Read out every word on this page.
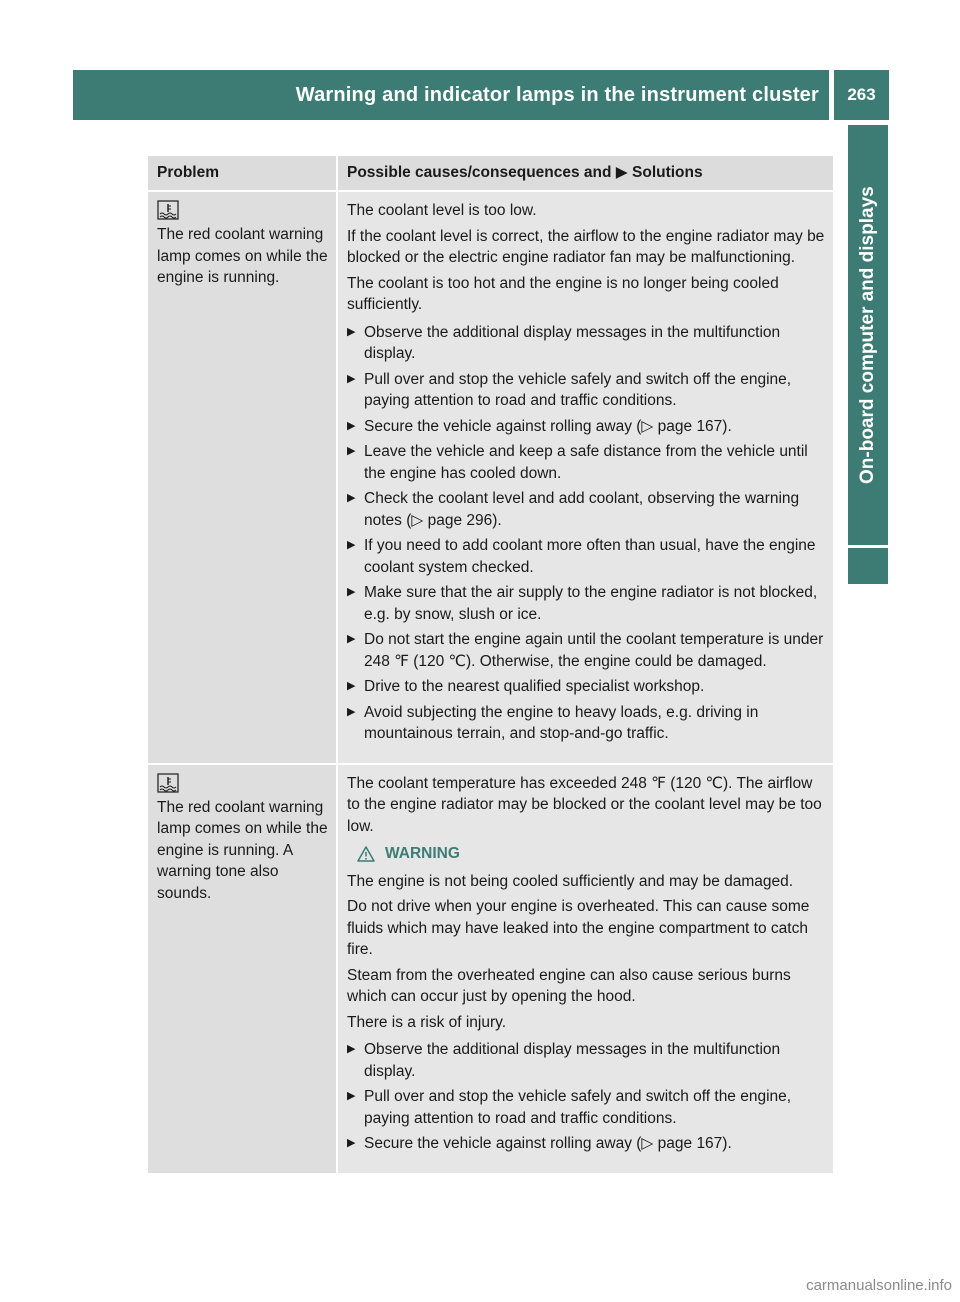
Warning and indicator lamps in the instrument cluster 263
On-board computer and displays
Problem	Possible causes/consequences and ▶ Solutions
The red coolant warning lamp comes on while the engine is running.

The coolant level is too low.

If the coolant level is correct, the airflow to the engine radiator may be blocked or the electric engine radiator fan may be malfunctioning.

The coolant is too hot and the engine is no longer being cooled sufficiently.

▶ Observe the additional display messages in the multifunction display.
▶ Pull over and stop the vehicle safely and switch off the engine, paying attention to road and traffic conditions.
▶ Secure the vehicle against rolling away (▷ page 167).
▶ Leave the vehicle and keep a safe distance from the vehicle until the engine has cooled down.
▶ Check the coolant level and add coolant, observing the warning notes (▷ page 296).
▶ If you need to add coolant more often than usual, have the engine coolant system checked.
▶ Make sure that the air supply to the engine radiator is not blocked, e.g. by snow, slush or ice.
▶ Do not start the engine again until the coolant temperature is under 248 ℉ (120 ℃). Otherwise, the engine could be damaged.
▶ Drive to the nearest qualified specialist workshop.
▶ Avoid subjecting the engine to heavy loads, e.g. driving in mountainous terrain, and stop-and-go traffic.
The red coolant warning lamp comes on while the engine is running. A warning tone also sounds.

The coolant temperature has exceeded 248 ℉ (120 ℃). The airflow to the engine radiator may be blocked or the coolant level may be too low.

WARNING

The engine is not being cooled sufficiently and may be damaged.

Do not drive when your engine is overheated. This can cause some fluids which may have leaked into the engine compartment to catch fire.

Steam from the overheated engine can also cause serious burns which can occur just by opening the hood.

There is a risk of injury.

▶ Observe the additional display messages in the multifunction display.
▶ Pull over and stop the vehicle safely and switch off the engine, paying attention to road and traffic conditions.
▶ Secure the vehicle against rolling away (▷ page 167).
carmanualsonline.info
